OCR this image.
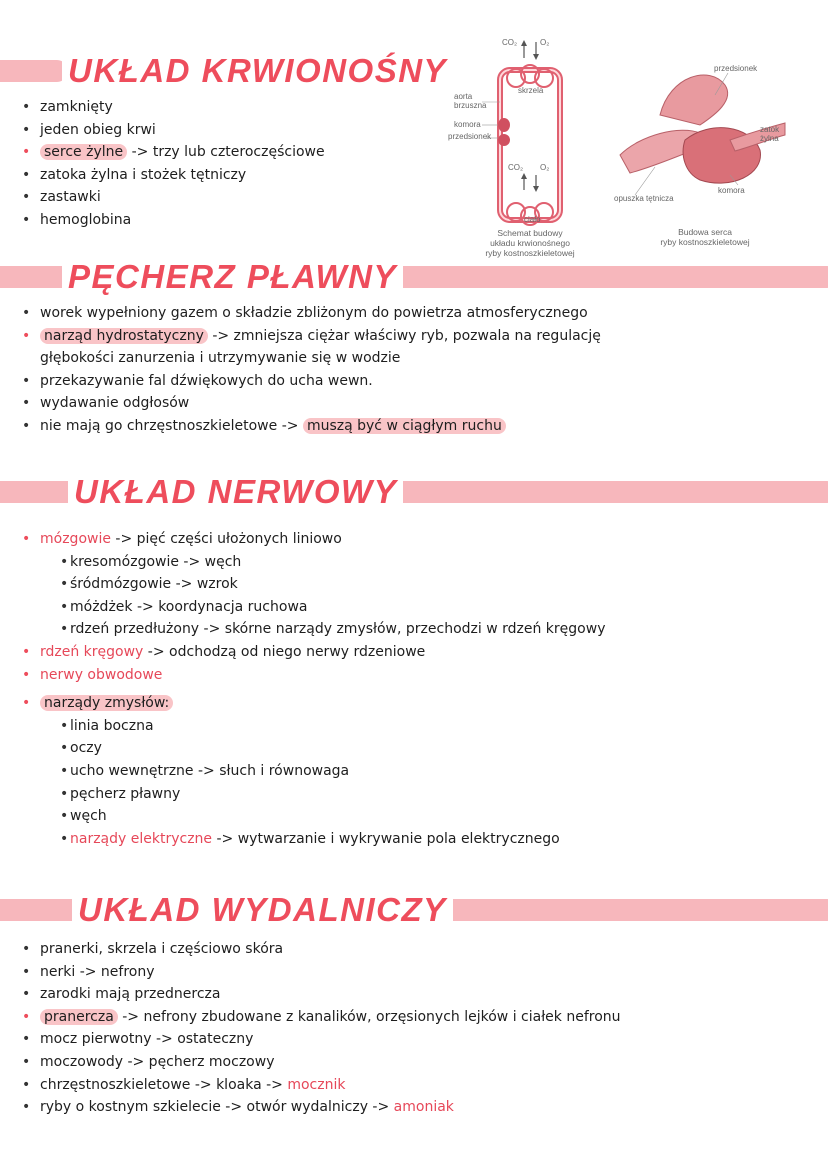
UKŁAD KRWIONOŚNY
• zamknięty
• jeden obieg krwi
• serce żylne -> trzy lub czteroczęściowe
• zatoka żylna i stożek tętniczy
• zastawki
• hemoglobina
CO₂	O₂
skrzela
aorta
brzuszna
komora
przedsionek
CO₂ O₂
ciało
Schemat budowy
układu krwionośnego
ryby kostnoszkieletowej
przedsionek
zatok
żylna
komora
opuszka tętnicza
Budowa serca
ryby kostnoszkieletowej
PĘCHERZ PŁAWNY
• worek wypełniony gazem o składzie zbliżonym do powietrza atmosferycznego
• narząd hydrostatyczny -> zmniejsza ciężar właściwy ryb, pozwala na regulację
głębokości zanurzenia i utrzymywanie się w wodzie
• przekazywanie fal dźwiękowych do ucha wewn.
• wydawanie odgłosów
• nie mają go chrzęstnoszkieletowe -> muszą być w ciągłym ruchu
UKŁAD NERWOWY
• mózgowie -> pięć części ułożonych liniowo
• kresomózgowie -> węch
• śródmózgowie -> wzrok
• móżdżek -> koordynacja ruchowa
• rdzeń przedłużony -> skórne narządy zmysłów, przechodzi w rdzeń kręgowy
• rdzeń kręgowy -> odchodzą od niego nerwy rdzeniowe
• nerwy obwodowe
• narządy zmysłów:
• linia boczna
• oczy
• ucho wewnętrzne -> słuch i równowaga
• pęcherz pławny
• węch
• narządy elektryczne -> wytwarzanie i wykrywanie pola elektrycznego
UKŁAD WYDALNICZY
• pranerki, skrzela i częściowo skóra
• nerki -> nefrony
• zarodki mają przednercza
• pranercza -> nefrony zbudowane z kanalików, orzęsionych lejków i ciałek nefronu
• mocz pierwotny -> ostateczny
• moczowody -> pęcherz moczowy
• chrzęstnoszkieletowe -> kloaka -> mocznik
• ryby o kostnym szkielecie -> otwór wydalniczy -> amoniak
